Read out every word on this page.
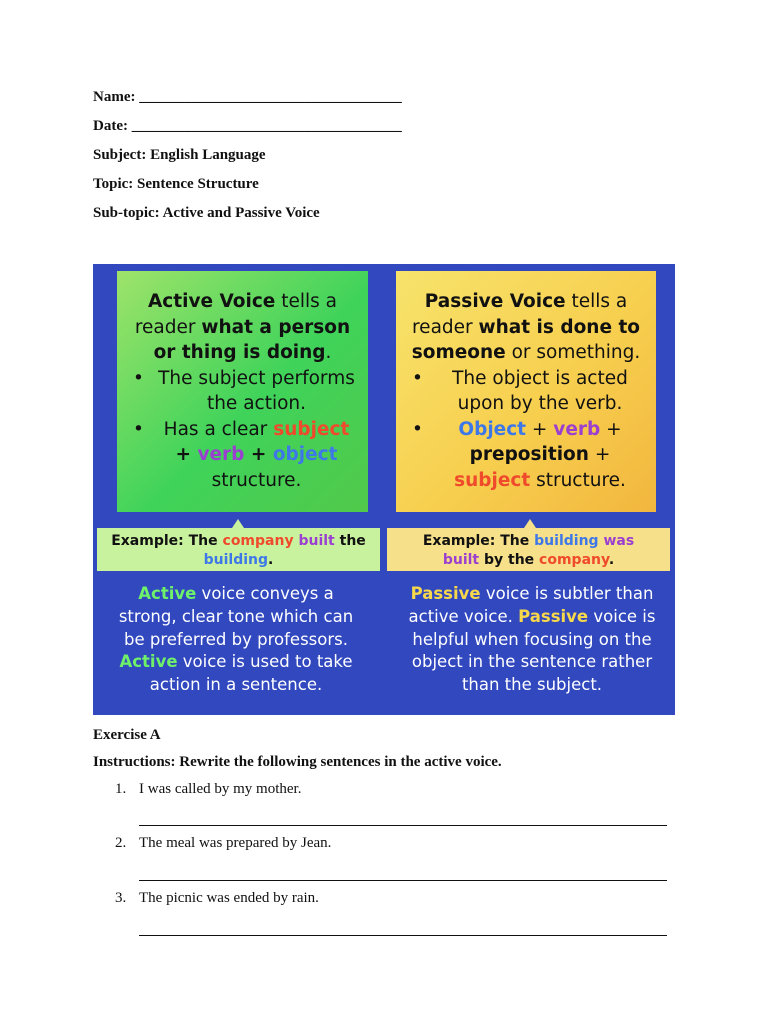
Name: ___________________________________
Date: ____________________________________
Subject: English Language
Topic: Sentence Structure
Sub-topic: Active and Passive Voice
Active Voice tells a reader what a person or thing is doing.
• The subject performs the action.
•	Has a clear subject + verb + object
structure.
Passive Voice tells a reader what is done to someone or something.
•	The object is acted upon by the verb.
•	Object + verb + preposition + subject structure.
Example: The company built the
building.
Example: The building was
built by the company.
Active voice conveys a strong, clear tone which can be preferred by professors. Active voice is used to take action in a sentence.
Passive voice is subtler than active voice. Passive voice is helpful when focusing on the object in the sentence rather than the subject.
Exercise A
Instructions: Rewrite the following sentences in the active voice.
1. I was called by my mother.
2. The meal was prepared by Jean.
3. The picnic was ended by rain.
